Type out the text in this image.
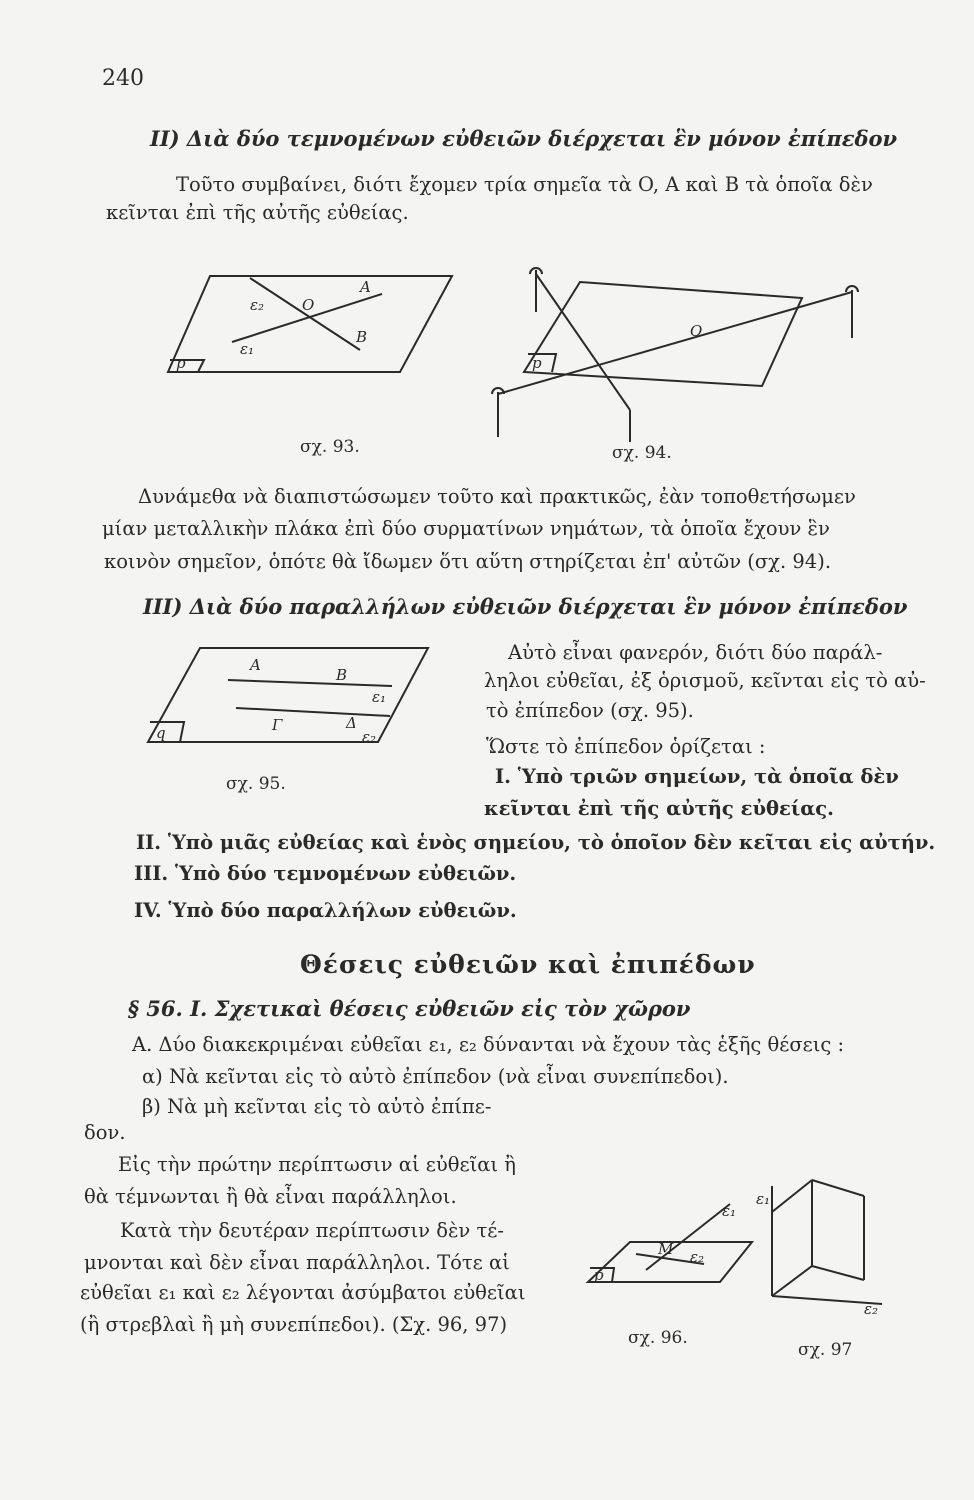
240
II) Διὰ δύο τεμνομένων εὐθειῶν διέρχεται ἓν μόνον ἐπίπεδον
Τοῦτο συμβαίνει, διότι ἔχομεν τρία σημεῖα τὰ O, A καὶ B τὰ ὁποῖα δὲν
κεῖνται ἐπὶ τῆς αὐτῆς εὐθείας.
A
ε₂	O
B
ε₁
p
σχ. 93.
O
p
σχ. 94.
Δυνάμεθα νὰ διαπιστώσωμεν τοῦτο καὶ πρακτικῶς, ἐὰν τοποθετήσωμεν
μίαν μεταλλικὴν πλάκα ἐπὶ δύο συρματίνων νημάτων, τὰ ὁποῖα ἔχουν ἓν
κοινὸν σημεῖον, ὁπότε θὰ ἴδωμεν ὅτι αὕτη στηρίζεται ἐπ' αὐτῶν (σχ. 94).
III) Διὰ δύο παραλλήλων εὐθειῶν διέρχεται ἓν μόνον ἐπίπεδον
A
B
ε₁
Γ	Δ
ε₂
q
σχ. 95.
Αὐτὸ εἶναι φανερόν, διότι δύο παράλ-
ληλοι εὐθεῖαι, ἐξ ὁρισμοῦ, κεῖνται εἰς τὸ αὐ-
τὸ ἐπίπεδον (σχ. 95).
Ὥστε τὸ ἐπίπεδον ὁρίζεται :
I. Ὑπὸ τριῶν σημείων, τὰ ὁποῖα δὲν
κεῖνται ἐπὶ τῆς αὐτῆς εὐθείας.
II. Ὑπὸ μιᾶς εὐθείας καὶ ἑνὸς σημείου, τὸ ὁποῖον δὲν κεῖται εἰς αὐτήν.
III. Ὑπὸ δύο τεμνομένων εὐθειῶν.
IV. Ὑπὸ δύο παραλλήλων εὐθειῶν.
Θέσεις εὐθειῶν καὶ ἐπιπέδων
§ 56. I. Σχετικαὶ θέσεις εὐθειῶν εἰς τὸν χῶρον
A. Δύο διακεκριμέναι εὐθεῖαι ε₁, ε₂ δύνανται νὰ ἔχουν τὰς ἑξῆς θέσεις :
α) Νὰ κεῖνται εἰς τὸ αὐτὸ ἐπίπεδον (νὰ εἶναι συνεπίπεδοι).
β) Νὰ μὴ κεῖνται εἰς τὸ αὐτὸ ἐπίπε-
δον.
Εἰς τὴν πρώτην περίπτωσιν αἱ εὐθεῖαι ἢ
θὰ τέμνωνται ἢ θὰ εἶναι παράλληλοι.
Κατὰ τὴν δευτέραν περίπτωσιν δὲν τέ-
μνονται καὶ δὲν εἶναι παράλληλοι. Τότε αἱ
εὐθεῖαι ε₁ καὶ ε₂ λέγονται ἀσύμβατοι εὐθεῖαι
(ἢ στρεβλαὶ ἢ μὴ συνεπίπεδοι). (Σχ. 96, 97)
ε₁
M ε₂
p
σχ. 96.
ε₁
ε₂
σχ. 97
